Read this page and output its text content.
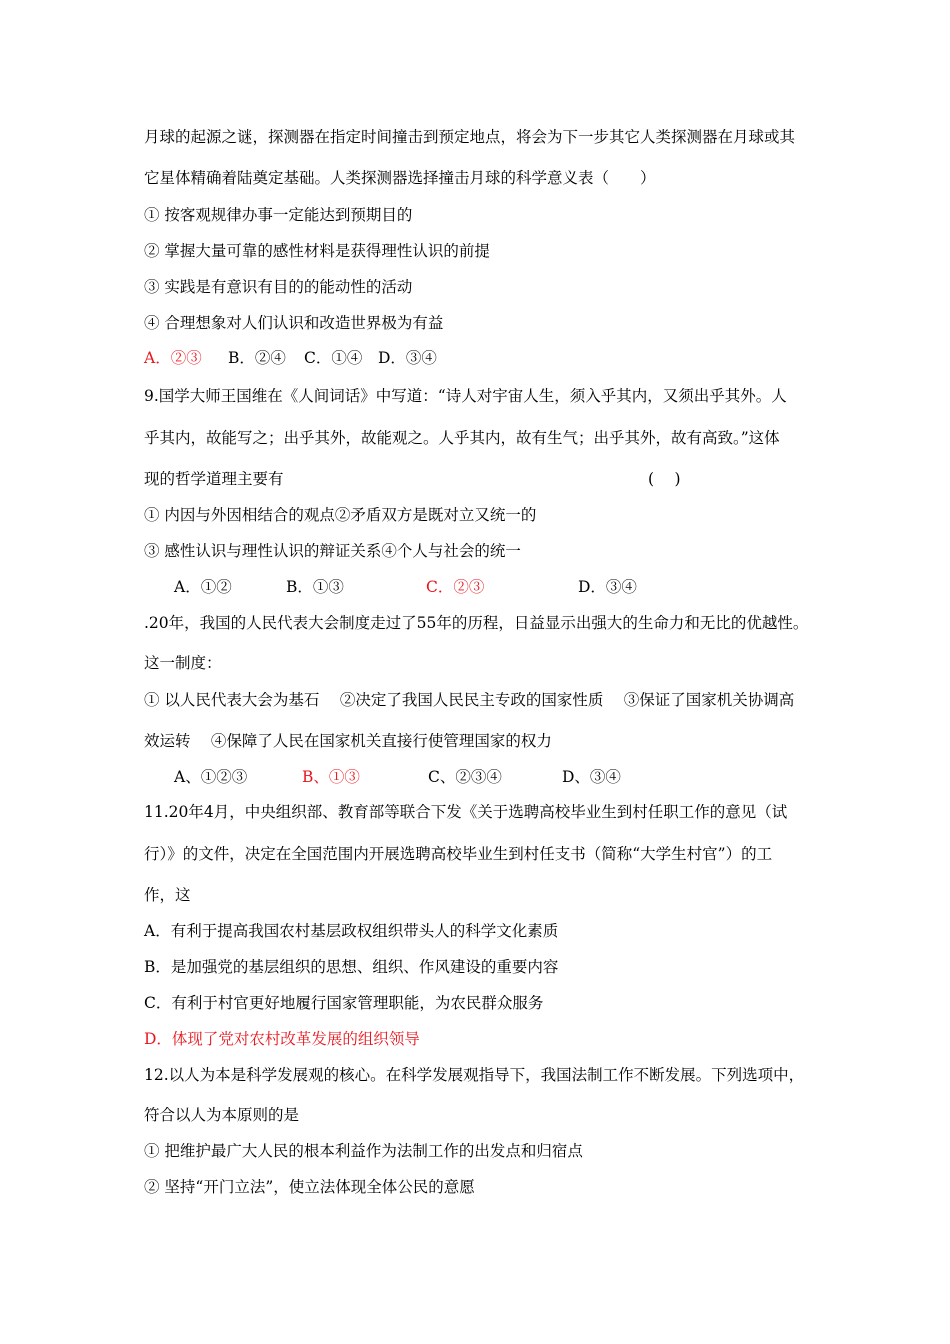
月球的起源之谜，探测器在指定时间撞击到预定地点，将会为下一步其它人类探测器在月球或其
它星体精确着陆奠定基础。人类探测器选择撞击月球的科学意义表（　　）
① 按客观规律办事一定能达到预期目的
② 掌握大量可靠的感性材料是获得理性认识的前提
③ 实践是有意识有目的的能动性的活动
④ 合理想象对人们认识和改造世界极为有益
A．②③ B．②④ C．①④ D．③④
9.国学大师王国维在《人间词话》中写道：“诗人对宇宙人生，须入乎其内，又须出乎其外。人
乎其内，故能写之；出乎其外，故能观之。人乎其内，故有生气；出乎其外，故有高致。”这体
现的哲学道理主要有	(　 )
① 内因与外因相结合的观点②矛盾双方是既对立又统一的
③ 感性认识与理性认识的辩证关系④个人与社会的统一
A．①②	B．①③	C．②③	D．③④
.20年，我国的人民代表大会制度走过了55年的历程，日益显示出强大的生命力和无比的优越性。
这一制度：
① 以人民代表大会为基石　 ②决定了我国人民民主专政的国家性质　 ③保证了国家机关协调高
效运转　 ④保障了人民在国家机关直接行使管理国家的权力
A、①②③	B、①③	C、②③④	D、③④
11.20年4月，中央组织部、教育部等联合下发《关于选聘高校毕业生到村任职工作的意见（试
行）》的文件，决定在全国范围内开展选聘高校毕业生到村任支书（简称“大学生村官”）的工
作，这
A．有利于提高我国农村基层政权组织带头人的科学文化素质
B．是加强党的基层组织的思想、组织、作风建设的重要内容
C．有利于村官更好地履行国家管理职能，为农民群众服务
D．体现了党对农村改革发展的组织领导
12.以人为本是科学发展观的核心。在科学发展观指导下，我国法制工作不断发展。下列选项中，
符合以人为本原则的是
① 把维护最广大人民的根本利益作为法制工作的出发点和归宿点
② 坚持“开门立法”，使立法体现全体公民的意愿
